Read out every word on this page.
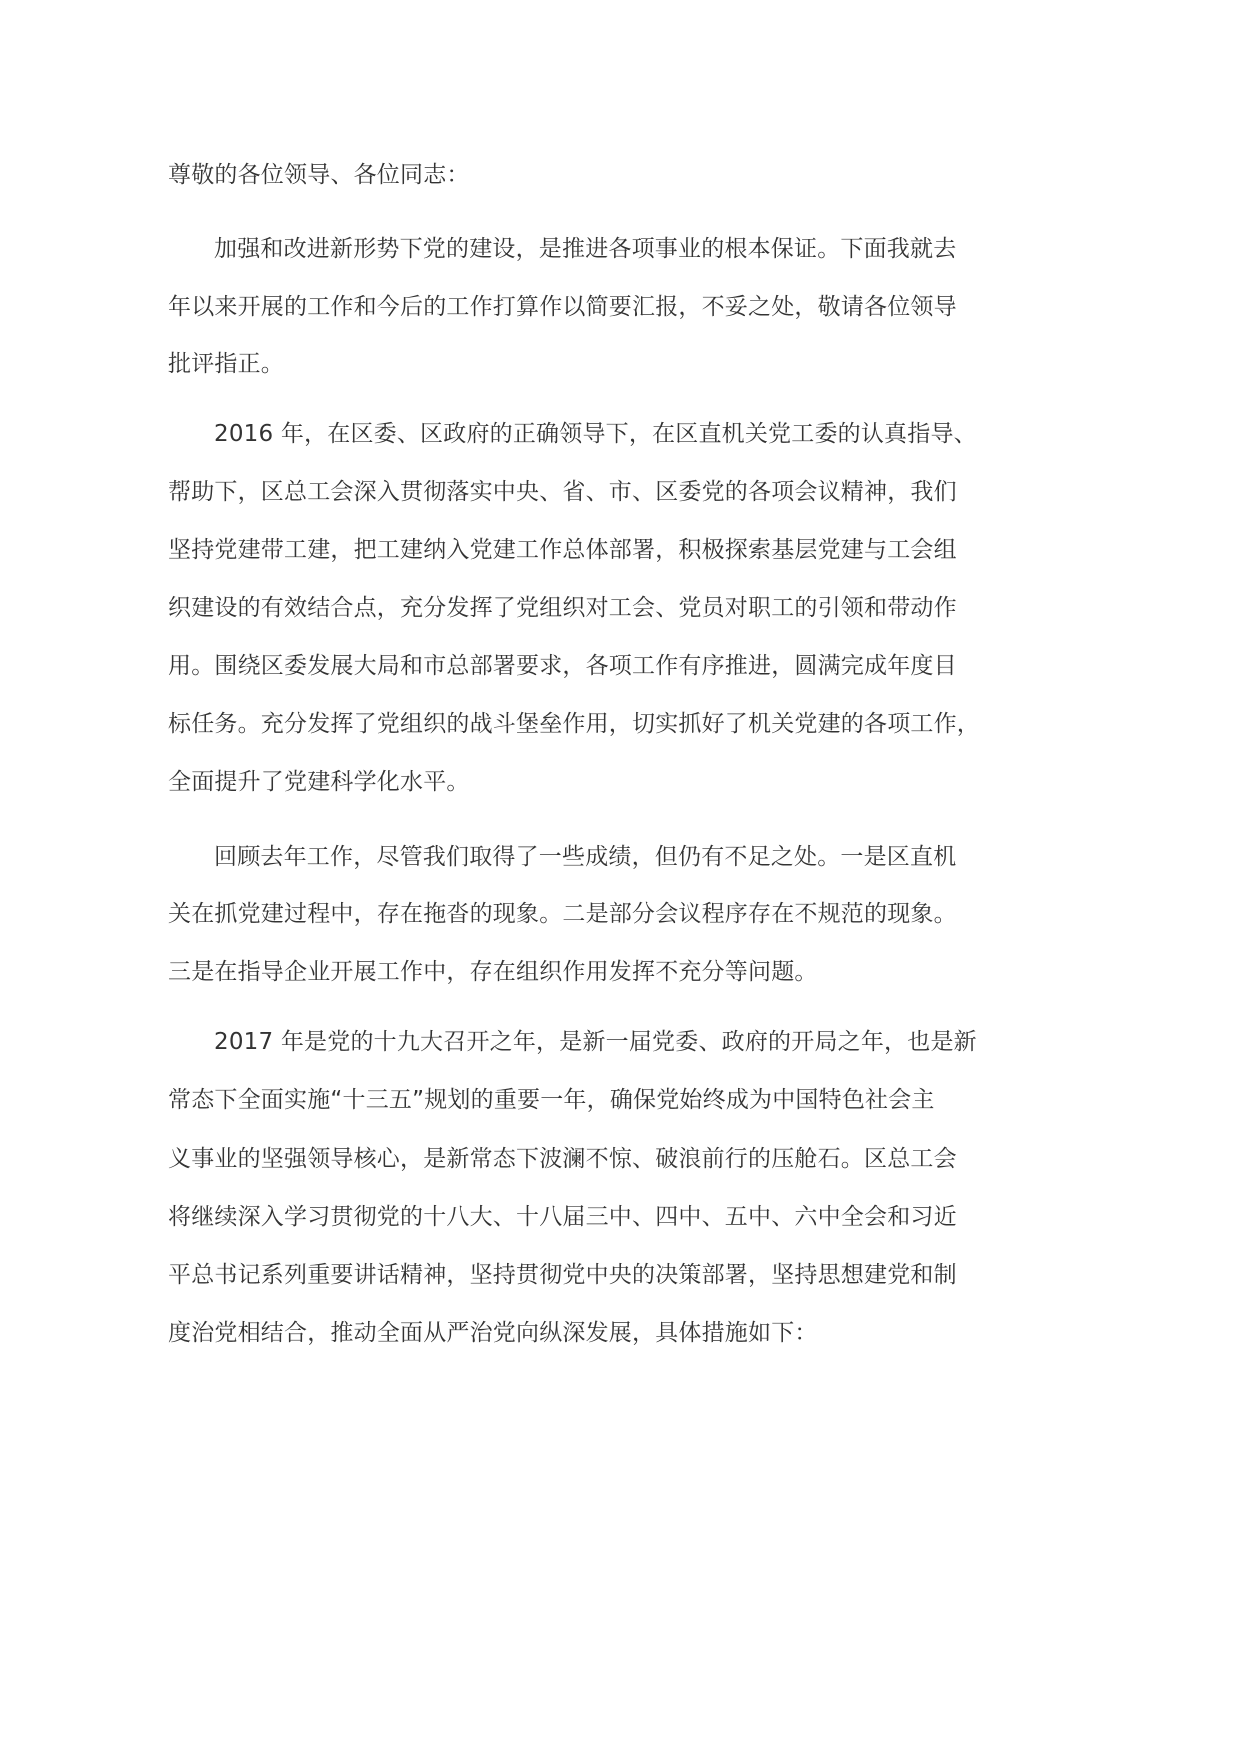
尊敬的各位领导、各位同志：
加强和改进新形势下党的建设，是推进各项事业的根本保证。下面我就去
年以来开展的工作和今后的工作打算作以简要汇报，不妥之处，敬请各位领导
批评指正。
2016 年，在区委、区政府的正确领导下，在区直机关党工委的认真指导、
帮助下，区总工会深入贯彻落实中央、省、市、区委党的各项会议精神，我们
坚持党建带工建，把工建纳入党建工作总体部署，积极探索基层党建与工会组
织建设的有效结合点，充分发挥了党组织对工会、党员对职工的引领和带动作
用。围绕区委发展大局和市总部署要求，各项工作有序推进，圆满完成年度目
标任务。充分发挥了党组织的战斗堡垒作用，切实抓好了机关党建的各项工作，
全面提升了党建科学化水平。
回顾去年工作，尽管我们取得了一些成绩，但仍有不足之处。一是区直机
关在抓党建过程中，存在拖沓的现象。二是部分会议程序存在不规范的现象。
三是在指导企业开展工作中，存在组织作用发挥不充分等问题。
2017 年是党的十九大召开之年，是新一届党委、政府的开局之年，也是新
常态下全面实施“十三五”规划的重要一年，确保党始终成为中国特色社会主
义事业的坚强领导核心，是新常态下波澜不惊、破浪前行的压舱石。区总工会
将继续深入学习贯彻党的十八大、十八届三中、四中、五中、六中全会和习近
平总书记系列重要讲话精神，坚持贯彻党中央的决策部署，坚持思想建党和制
度治党相结合，推动全面从严治党向纵深发展，具体措施如下：
